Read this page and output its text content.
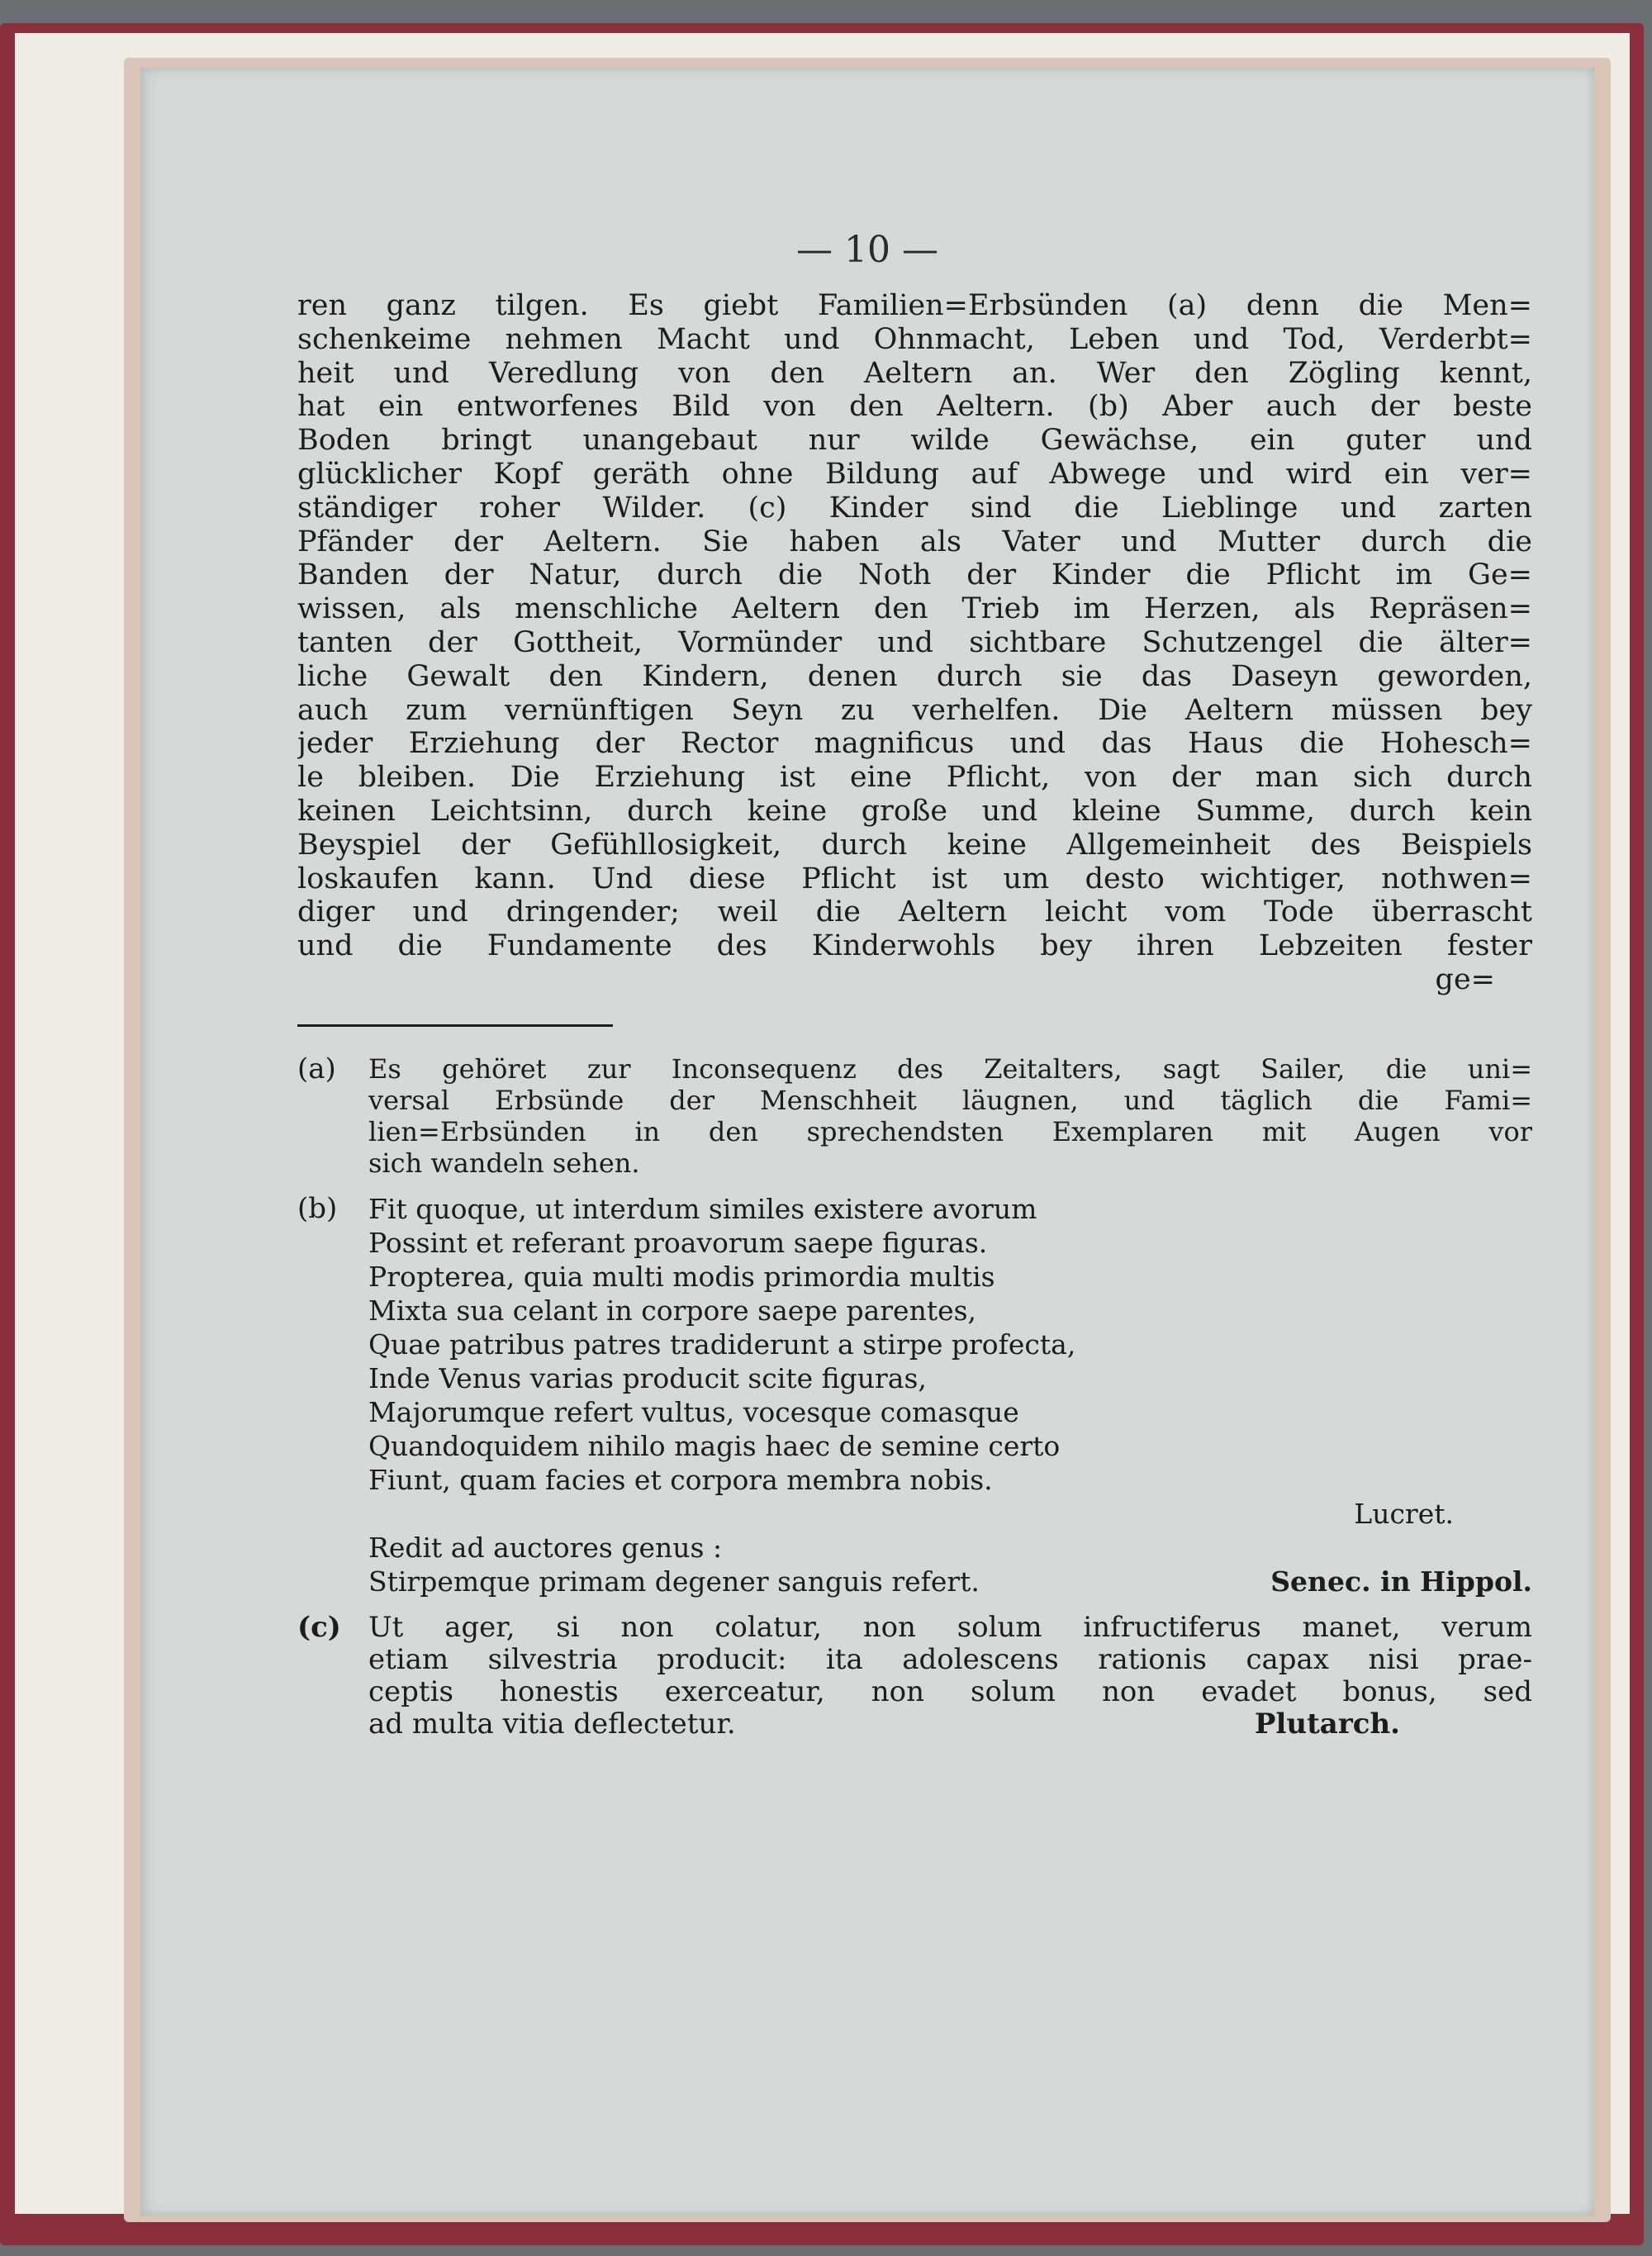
— 10 —
ren ganz tilgen. Es giebt Familien=Erbsünden (a) denn die Men=
schenkeime nehmen Macht und Ohnmacht, Leben und Tod, Verderbt=
heit und Veredlung von den Aeltern an. Wer den Zögling kennt,
hat ein entworfenes Bild von den Aeltern. (b) Aber auch der beste
Boden bringt unangebaut nur wilde Gewächse, ein guter und
glücklicher Kopf geräth ohne Bildung auf Abwege und wird ein ver=
ständiger roher Wilder. (c) Kinder sind die Lieblinge und zarten
Pfänder der Aeltern. Sie haben als Vater und Mutter durch die
Banden der Natur, durch die Noth der Kinder die Pflicht im Ge=
wissen, als menschliche Aeltern den Trieb im Herzen, als Repräsen=
tanten der Gottheit, Vormünder und sichtbare Schutzengel die älter=
liche Gewalt den Kindern, denen durch sie das Daseyn geworden,
auch zum vernünftigen Seyn zu verhelfen. Die Aeltern müssen bey
jeder Erziehung der Rector magnificus und das Haus die Hohesch=
le bleiben. Die Erziehung ist eine Pflicht, von der man sich durch
keinen Leichtsinn, durch keine große und kleine Summe, durch kein
Beyspiel der Gefühllosigkeit, durch keine Allgemeinheit des Beispiels
loskaufen kann. Und diese Pflicht ist um desto wichtiger, nothwen=
diger und dringender; weil die Aeltern leicht vom Tode überrascht
und die Fundamente des Kinderwohls bey ihren Lebzeiten fester
ge=
(a) Es gehöret zur Inconsequenz des Zeitalters, sagt Sailer, die uni=
versal Erbsünde der Menschheit läugnen, und täglich die Fami=
lien=Erbsünden in den sprechendsten Exemplaren mit Augen vor
sich wandeln sehen.
(b) Fit quoque, ut interdum similes existere avorum
Possint et referant proavorum saepe figuras.
Propterea, quia multi modis primordia multis
Mixta sua celant in corpore saepe parentes,
Quae patribus patres tradiderunt a stirpe profecta,
Inde Venus varias producit scite figuras,
Majorumque refert vultus, vocesque comasque
Quandoquidem nihilo magis haec de semine certo
Fiunt, quam facies et corpora membra nobis.
Lucret.
Redit ad auctores genus :
Stirpemque primam degener sanguis refert.	Senec. in Hippol.
(c) Ut ager, si non colatur, non solum infructiferus manet, verum
etiam silvestria producit: ita adolescens rationis capax nisi prae-
ceptis honestis exerceatur, non solum non evadet bonus, sed
ad multa vitia deflectetur.	Plutarch.
